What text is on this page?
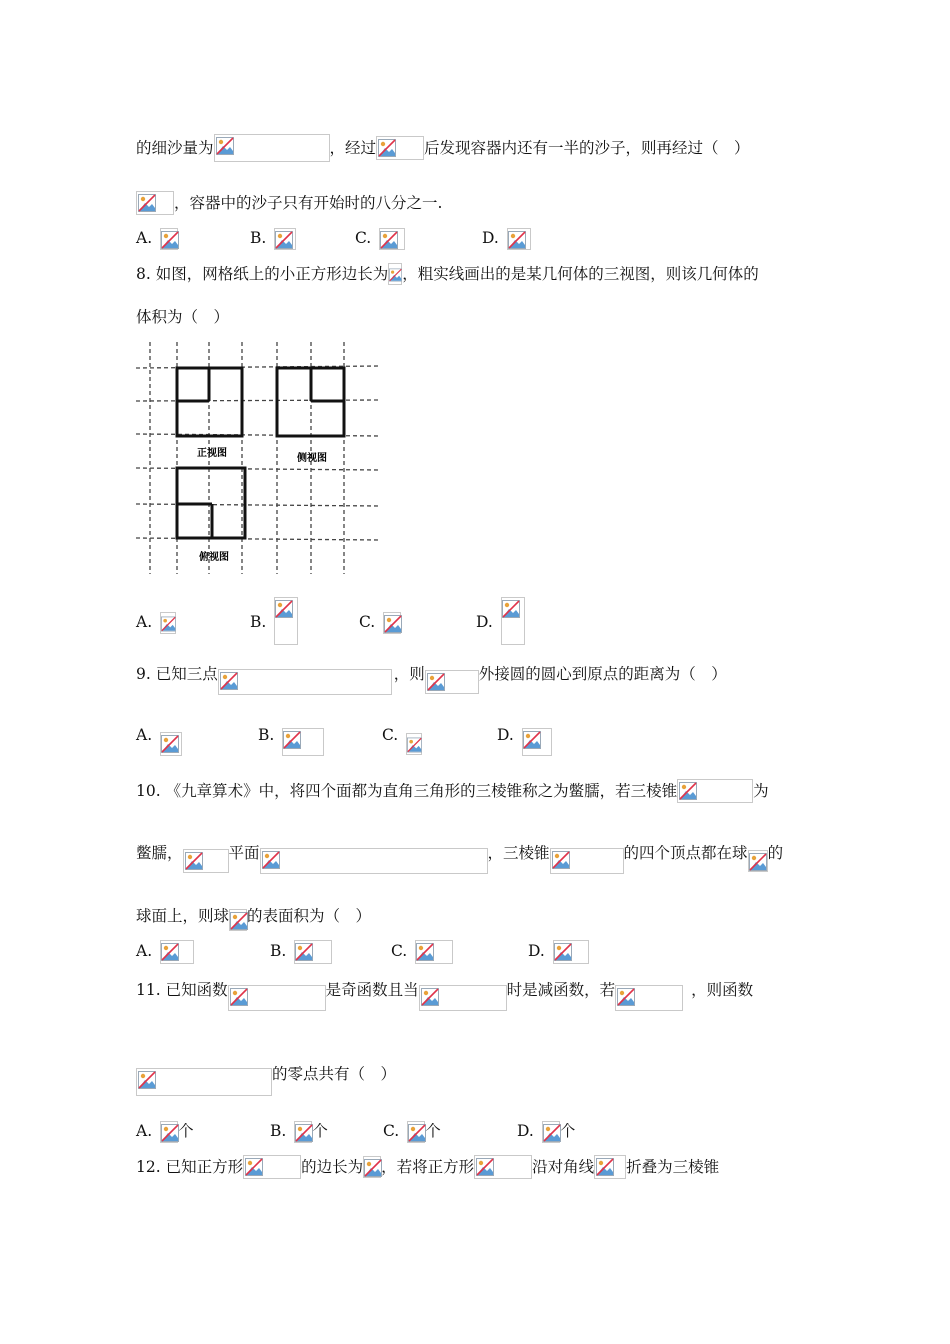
的细沙量为	，经过	后发现容器内还有一半的沙子，则再经过（　）
，容器中的沙子只有开始时的八分之一.
A.	B.	C.	D.
8. 如图，网格纸上的小正方形边长为 ，粗实线画出的是某几何体的三视图，则该几何体的
体积为（　）
正视图	侧视图
俯视图
A.	B.	C.	D.
9. 已知三点	，则	外接圆的圆心到原点的距离为（　）
A.	B.	C.	D.
10. 《九章算术》中，将四个面都为直角三角形的三棱锥称之为鳖臑，若三棱锥	为
鳖臑，	平面	，三棱锥	的四个顶点都在球 的
球面上，则球 的表面积为（　）
A.	B.	C.	D.
11. 已知函数	是奇函数且当	时是减函数，若	，则函数
的零点共有（　）
A. 个	B. 个	C. 个	D. 个
12. 已知正方形	的边长为 ，若将正方形	沿对角线 折叠为三棱锥
